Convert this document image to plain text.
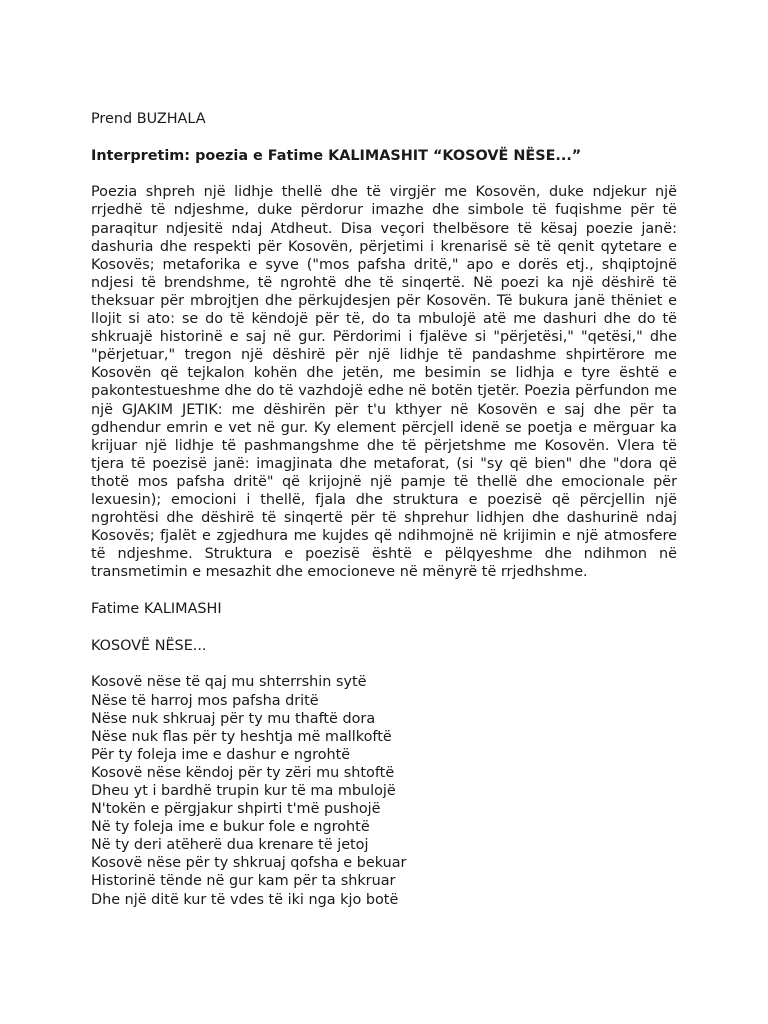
Prend BUZHALA

Interpretim: poezia e Fatime KALIMASHIT “KOSOVË NËSE...”

Poezia shpreh një lidhje thellë dhe të virgjër me Kosovën, duke ndjekur një rrjedhë të ndjeshme, duke përdorur imazhe dhe simbole të fuqishme për të paraqitur ndjesitë ndaj Atdheut. Disa veçori thelbësore të kësaj poezie janë: dashuria dhe respekti për Kosovën, përjetimi i krenarisë së të qenit qytetare e Kosovës; metaforika e syve ("mos pafsha dritë," apo e dorës etj., shqiptojnë ndjesi të brendshme, të ngrohtë dhe të sinqertë. Në poezi ka një dëshirë të theksuar për mbrojtjen dhe përkujdesjen për Kosovën. Të bukura janë thëniet e llojit si ato: se do të këndojë për të, do ta mbulojë atë me dashuri dhe do të shkruajë historinë e saj në gur. Përdorimi i fjalëve si "përjetësi," "qetësi," dhe "përjetuar," tregon një dëshirë për një lidhje të pandashme shpirtërore me Kosovën që tejkalon kohën dhe jetën, me besimin se lidhja e tyre është e pakontestueshme dhe do të vazhdojë edhe në botën tjetër. Poezia përfundon me një GJAKIM JETIK: me dëshirën për t'u kthyer në Kosovën e saj dhe për ta gdhendur emrin e vet në gur. Ky element përcjell idenë se poetja e mërguar ka krijuar një lidhje të pashmangshme dhe të përjetshme me Kosovën. Vlera të tjera të poezisë janë: imagjinata dhe metaforat, (si "sy që bien" dhe "dora që thotë mos pafsha dritë" që krijojnë një pamje të thellë dhe emocionale për lexuesin); emocioni i thellë, fjala dhe struktura e poezisë që përcjellin një ngrohtësi dhe dëshirë të sinqertë për të shprehur lidhjen dhe dashurinë ndaj Kosovës; fjalët e zgjedhura me kujdes që ndihmojnë në krijimin e një atmosfere të ndjeshme. Struktura e poezisë është e pëlqyeshme dhe ndihmon në transmetimin e mesazhit dhe emocioneve në mënyrë të rrjedhshme.

Fatime KALIMASHI

KOSOVË NËSE...

Kosovë nëse të qaj mu shterrshin sytë
Nëse të harroj mos pafsha dritë
Nëse nuk shkruaj për ty mu thaftë dora
Nëse nuk flas për ty heshtja më mallkoftë
Për ty foleja ime e dashur e ngrohtë
Kosovë nëse këndoj për ty zëri mu shtoftë
Dheu yt i bardhë trupin kur të ma mbulojë
N'tokën e përgjakur shpirti t'më pushojë
Në ty foleja ime e bukur fole e ngrohtë
Në ty deri atëherë dua krenare të jetoj
Kosovë nëse për ty shkruaj qofsha e bekuar
Historinë tënde në gur kam për ta shkruar
Dhe një ditë kur të vdes të iki nga kjo botë
